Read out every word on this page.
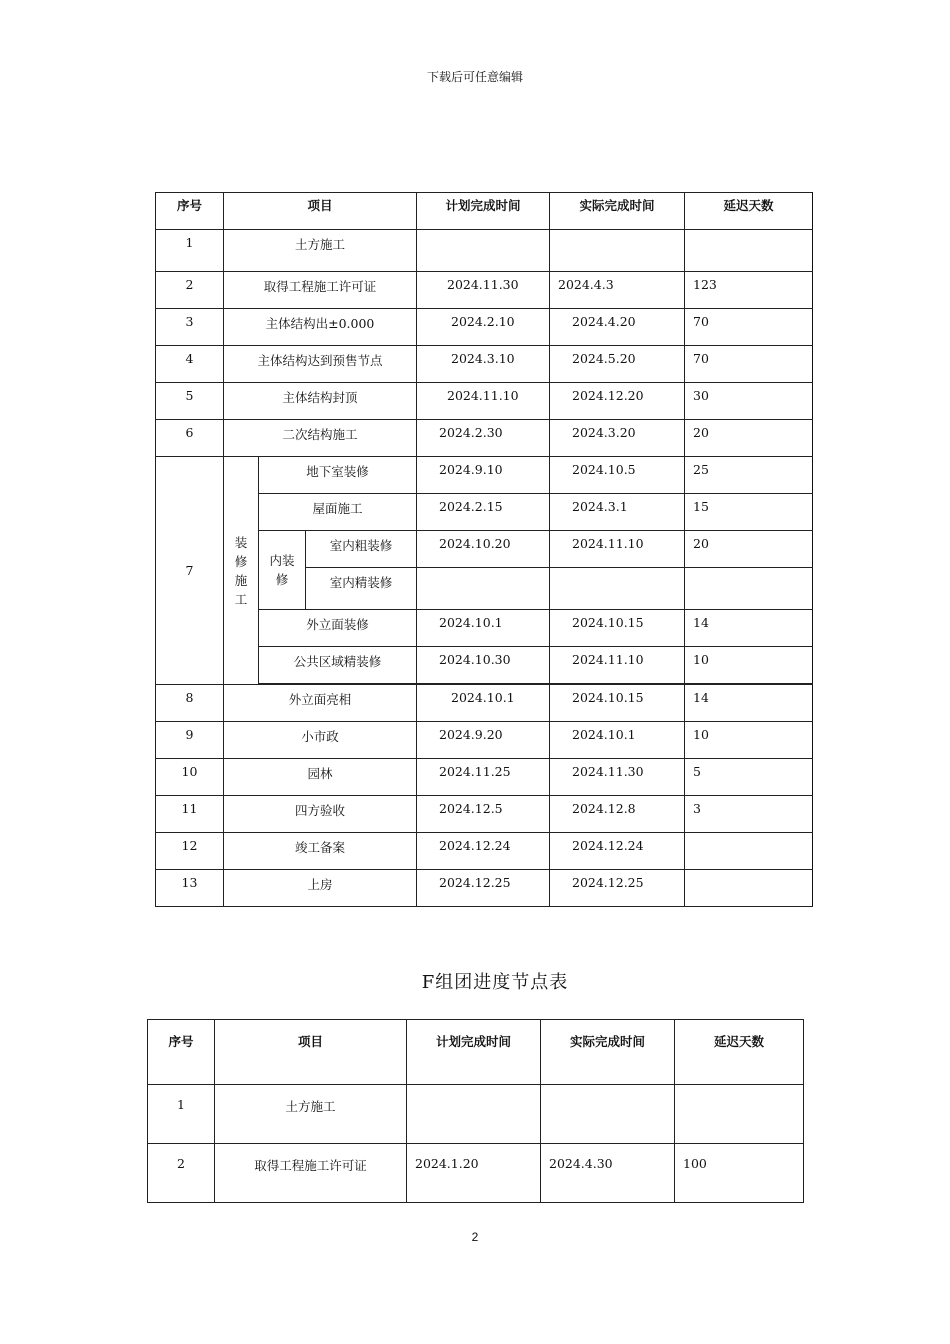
下载后可任意编辑
序号	项目			计划完成时间	实际完成时间	延迟天数
1	土方施工					
2	取得工程施工许可证			2024.11.30	2024.4.3	123
3	主体结构出±0.000			2024.2.10	2024.4.20	70
4	主体结构达到预售节点			2024.3.10	2024.5.20	70
5	主体结构封顶			2024.11.10	2024.12.20	30
6	二次结构施工			2024.2.30	2024.3.20	20
7	装修施工	地下室装修		2024.9.10	2024.10.5	25
		屋面施工		2024.2.15	2024.3.1	15
		内装修	室内粗装修	2024.10.20	2024.11.10	20
			室内精装修			
		外立面装修		2024.10.1	2024.10.15	14
		公共区域精装修		2024.10.30	2024.11.10	10

8	外立面亮相			2024.10.1	2024.10.15	14
9	小市政			2024.9.20	2024.10.1	10
10	园林			2024.11.25	2024.11.30	5
11	四方验收			2024.12.5	2024.12.8	3
12	竣工备案			2024.12.24	2024.12.24	
13	上房			2024.12.25	2024.12.25	
F组团进度节点表
序号	项目	计划完成时间	实际完成时间	延迟天数
1	土方施工			
2	取得工程施工许可证	2024.1.20	2024.4.30	100
2
